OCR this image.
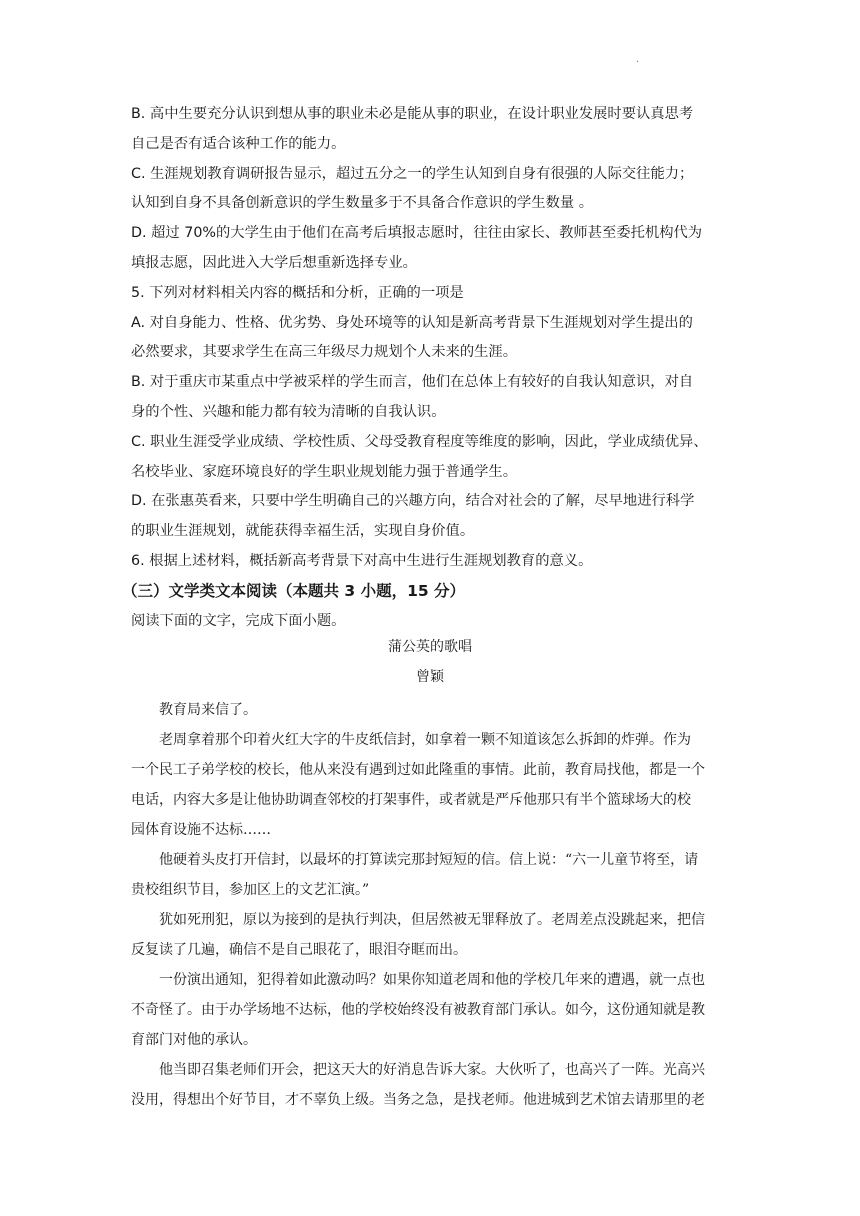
.
B. 高中生要充分认识到想从事的职业未必是能从事的职业，在设计职业发展时要认真思考
自己是否有适合该种工作的能力。
C. 生涯规划教育调研报告显示，超过五分之一的学生认知到自身有很强的人际交往能力；
认知到自身不具备创新意识的学生数量多于不具备合作意识的学生数量 。
D. 超过 70%的大学生由于他们在高考后填报志愿时，往往由家长、教师甚至委托机构代为
填报志愿，因此进入大学后想重新选择专业。
5. 下列对材料相关内容的概括和分析，正确的一项是
A. 对自身能力、性格、优劣势、身处环境等的认知是新高考背景下生涯规划对学生提出的
必然要求，其要求学生在高三年级尽力规划个人未来的生涯。
B. 对于重庆市某重点中学被采样的学生而言，他们在总体上有较好的自我认知意识，对自
身的个性、兴趣和能力都有较为清晰的自我认识。
C. 职业生涯受学业成绩、学校性质、父母受教育程度等维度的影响，因此，学业成绩优异、
名校毕业、家庭环境良好的学生职业规划能力强于普通学生。
D. 在张惠英看来，只要中学生明确自己的兴趣方向，结合对社会的了解，尽早地进行科学
的职业生涯规划，就能获得幸福生活，实现自身价值。
6. 根据上述材料，概括新高考背景下对高中生进行生涯规划教育的意义。
（三）文学类文本阅读（本题共 3 小题，15 分）
阅读下面的文字，完成下面小题。
蒲公英的歌唱
曾颖
教育局来信了。
老周拿着那个印着火红大字的牛皮纸信封，如拿着一颗不知道该怎么拆卸的炸弹。作为
一个民工子弟学校的校长，他从来没有遇到过如此隆重的事情。此前，教育局找他，都是一个
电话，内容大多是让他协助调查邻校的打架事件，或者就是严斥他那只有半个篮球场大的校
园体育设施不达标……
他硬着头皮打开信封，以最坏的打算读完那封短短的信。信上说：“六一儿童节将至，请
贵校组织节目，参加区上的文艺汇演。”
犹如死刑犯，原以为接到的是执行判决，但居然被无罪释放了。老周差点没跳起来，把信
反复读了几遍，确信不是自己眼花了，眼泪夺眶而出。
一份演出通知，犯得着如此激动吗？如果你知道老周和他的学校几年来的遭遇，就一点也
不奇怪了。由于办学场地不达标，他的学校始终没有被教育部门承认。如今，这份通知就是教
育部门对他的承认。
他当即召集老师们开会，把这天大的好消息告诉大家。大伙听了，也高兴了一阵。光高兴
没用，得想出个好节目，才不辜负上级。当务之急，是找老师。他进城到艺术馆去请那里的老
